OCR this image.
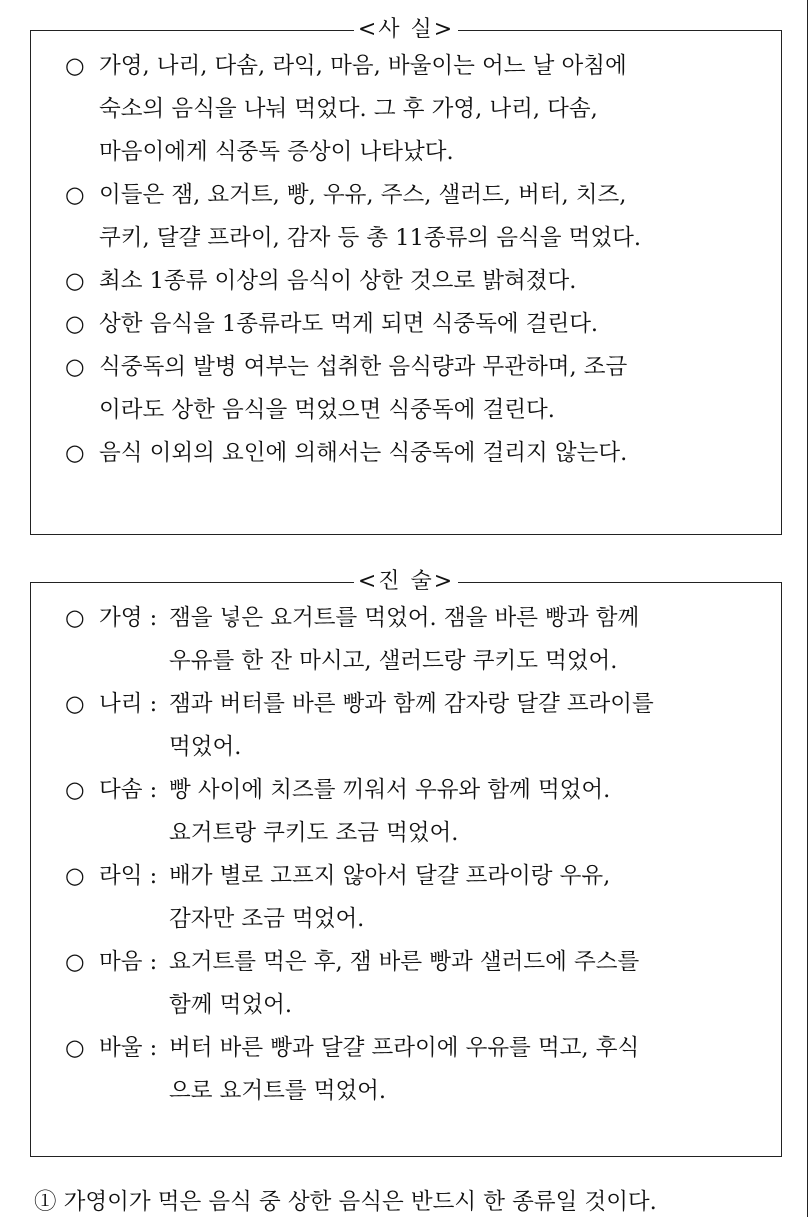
<사 실>
○ 가영, 나리, 다솜, 라익, 마음, 바울이는 어느 날 아침에
숙소의 음식을 나눠 먹었다. 그 후 가영, 나리, 다솜,
마음이에게 식중독 증상이 나타났다.
○ 이들은 잼, 요거트, 빵, 우유, 주스, 샐러드, 버터, 치즈,
쿠키, 달걀 프라이, 감자 등 총 11종류의 음식을 먹었다.
○ 최소 1종류 이상의 음식이 상한 것으로 밝혀졌다.
○ 상한 음식을 1종류라도 먹게 되면 식중독에 걸린다.
○ 식중독의 발병 여부는 섭취한 음식량과 무관하며, 조금
이라도 상한 음식을 먹었으면 식중독에 걸린다.
○ 음식 이외의 요인에 의해서는 식중독에 걸리지 않는다.
<진 술>
○ 가영 : 잼을 넣은 요거트를 먹었어. 잼을 바른 빵과 함께
우유를 한 잔 마시고, 샐러드랑 쿠키도 먹었어.
○ 나리 : 잼과 버터를 바른 빵과 함께 감자랑 달걀 프라이를
먹었어.
○ 다솜 : 빵 사이에 치즈를 끼워서 우유와 함께 먹었어.
요거트랑 쿠키도 조금 먹었어.
○ 라익 : 배가 별로 고프지 않아서 달걀 프라이랑 우유,
감자만 조금 먹었어.
○ 마음 : 요거트를 먹은 후, 잼 바른 빵과 샐러드에 주스를
함께 먹었어.
○ 바울 : 버터 바른 빵과 달걀 프라이에 우유를 먹고, 후식
으로 요거트를 먹었어.
① 가영이가 먹은 음식 중 상한 음식은 반드시 한 종류일 것이다.
